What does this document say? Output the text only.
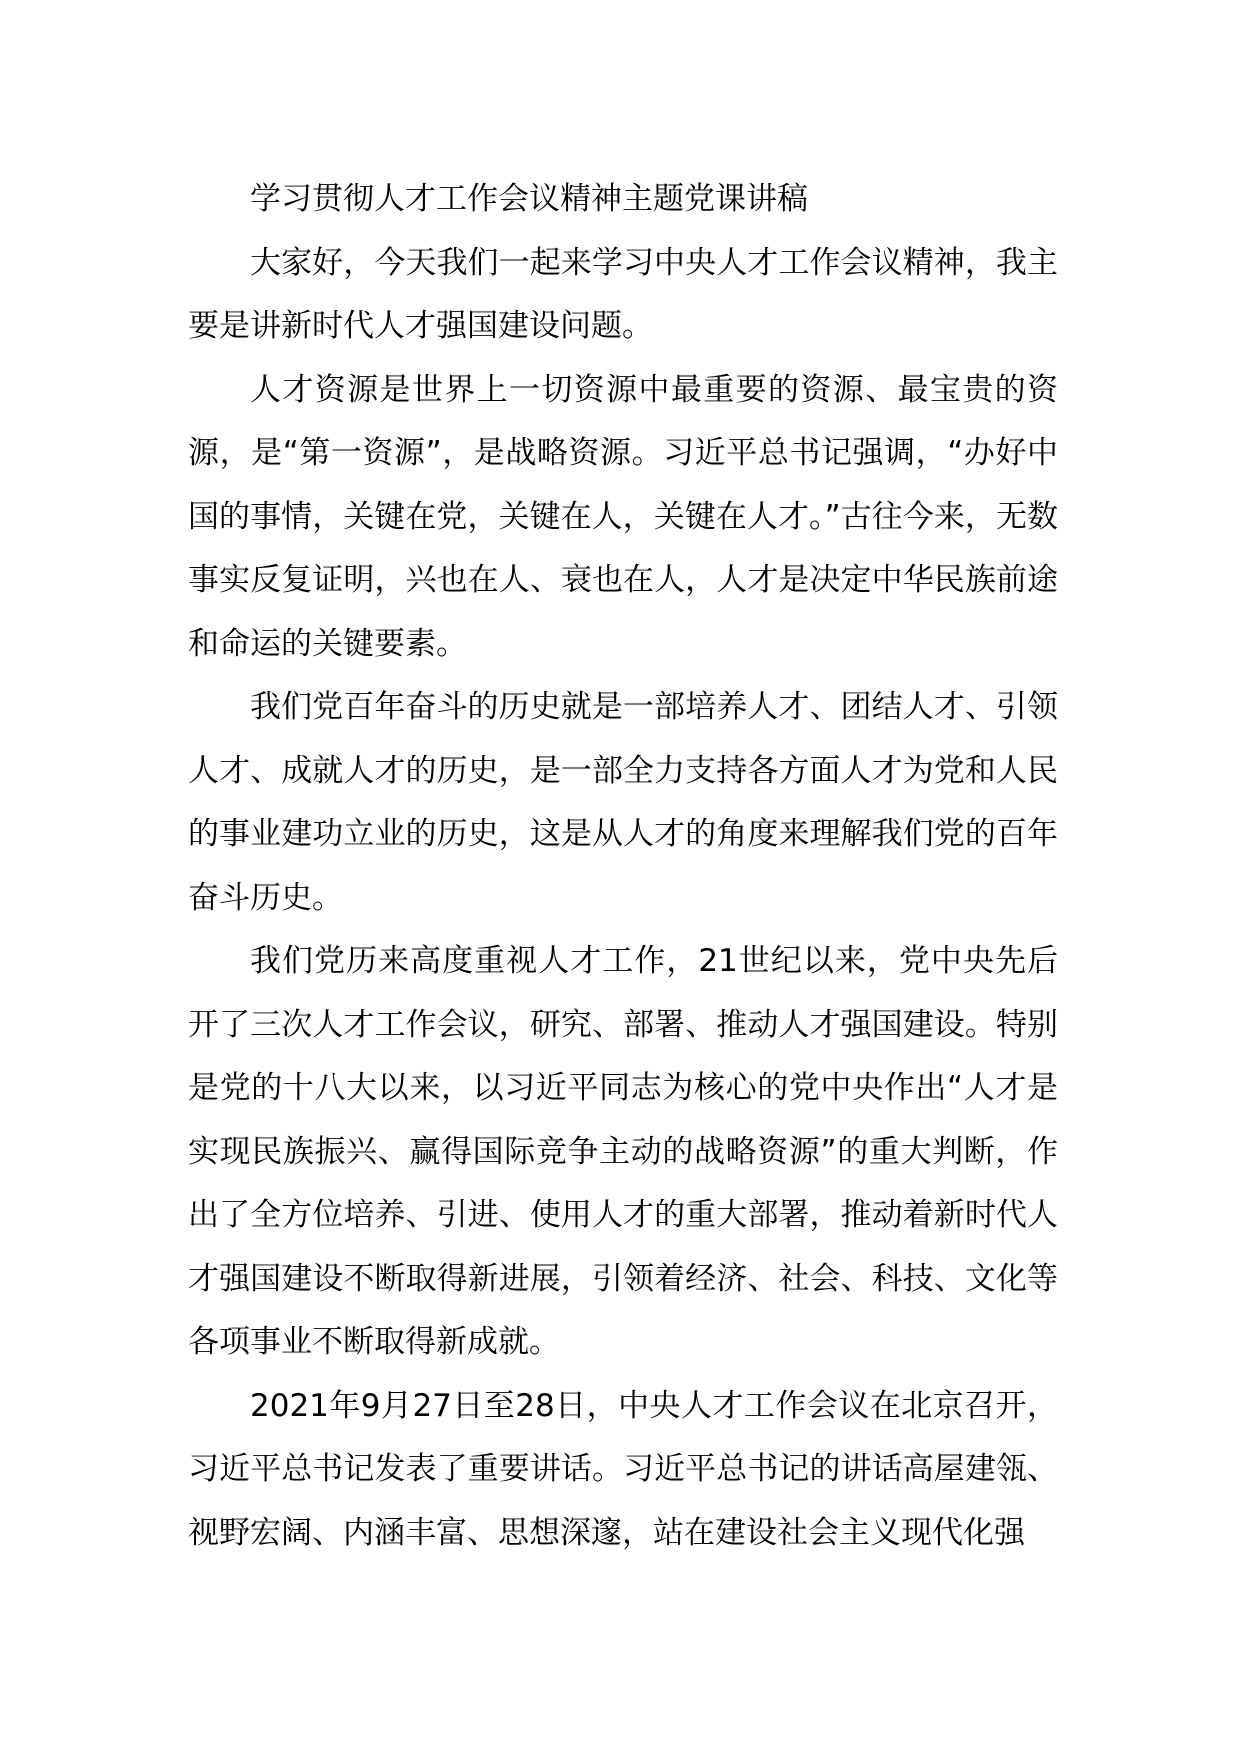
学习贯彻人才工作会议精神主题党课讲稿

大家好，今天我们一起来学习中央人才工作会议精神，我主要是讲新时代人才强国建设问题。

人才资源是世界上一切资源中最重要的资源、最宝贵的资源，是“第一资源”，是战略资源。习近平总书记强调，“办好中国的事情，关键在党，关键在人，关键在人才。”古往今来，无数事实反复证明，兴也在人、衰也在人，人才是决定中华民族前途和命运的关键要素。

我们党百年奋斗的历史就是一部培养人才、团结人才、引领人才、成就人才的历史，是一部全力支持各方面人才为党和人民的事业建功立业的历史，这是从人才的角度来理解我们党的百年奋斗历史。

我们党历来高度重视人才工作，21世纪以来，党中央先后开了三次人才工作会议，研究、部署、推动人才强国建设。特别是党的十八大以来，以习近平同志为核心的党中央作出“人才是实现民族振兴、赢得国际竞争主动的战略资源”的重大判断，作出了全方位培养、引进、使用人才的重大部署，推动着新时代人才强国建设不断取得新进展，引领着经济、社会、科技、文化等各项事业不断取得新成就。

2021年9月27日至28日，中央人才工作会议在北京召开，习近平总书记发表了重要讲话。习近平总书记的讲话高屋建瓴、视野宏阔、内涵丰富、思想深邃，站在建设社会主义现代化强
